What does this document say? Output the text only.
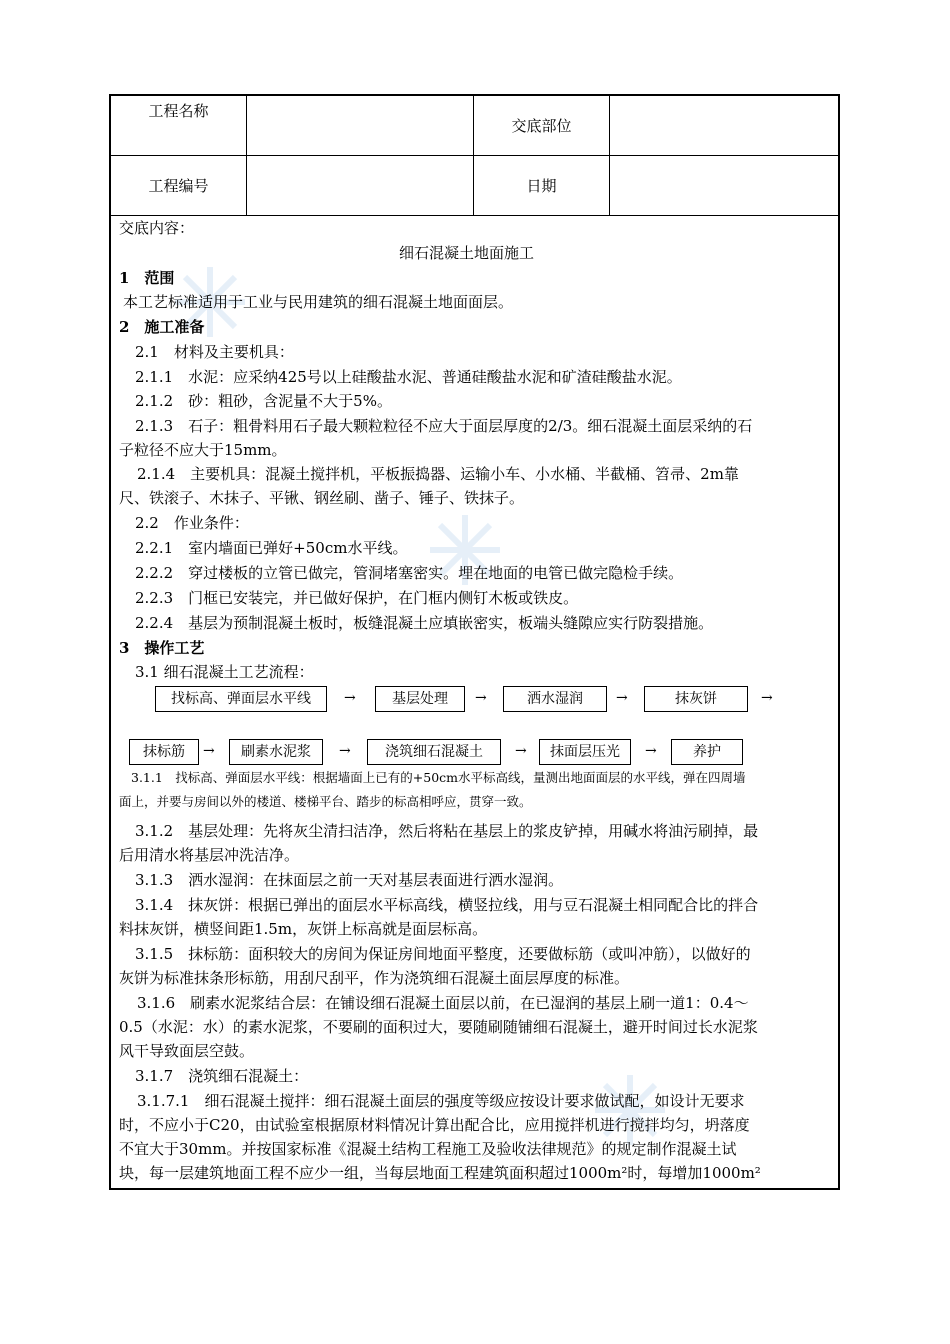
工程名称		交底部位	
工程编号		日期	
交底内容：
细石混凝土地面施工
1　范围
本工艺标准适用于工业与民用建筑的细石混凝土地面面层。
2　施工准备
2.1　材料及主要机具：
2.1.1　水泥：应采纳425号以上硅酸盐水泥、普通硅酸盐水泥和矿渣硅酸盐水泥。
2.1.2　砂：粗砂，含泥量不大于5%。
2.1.3　石子：粗骨料用石子最大颗粒粒径不应大于面层厚度的2/3。细石混凝土面层采纳的石
子粒径不应大于15mm。
2.1.4　主要机具：混凝土搅拌机，平板振捣器、运输小车、小水桶、半截桶、笤帚、2m靠
尺、铁滚子、木抹子、平锹、钢丝刷、凿子、锤子、铁抹子。
2.2　作业条件：
2.2.1　室内墙面已弹好+50cm水平线。
2.2.2　穿过楼板的立管已做完，管洞堵塞密实。埋在地面的电管已做完隐检手续。
2.2.3　门框已安装完，并已做好保护，在门框内侧钉木板或铁皮。
2.2.4　基层为预制混凝土板时，板缝混凝土应填嵌密实，板端头缝隙应实行防裂措施。
3　操作工艺
3.1 细石混凝土工艺流程：
找标高、弹面层水平线	→	基层处理	→	洒水湿润	→	抹灰饼	→
抹标筋	→	刷素水泥浆	→	浇筑细石混凝土	→	抹面层压光	→	养护
3.1.1　找标高、弹面层水平线：根据墙面上已有的+50cm水平标高线，量测出地面面层的水平线，弹在四周墙
面上，并要与房间以外的楼道、楼梯平台、踏步的标高相呼应，贯穿一致。
3.1.2　基层处理：先将灰尘清扫洁净，然后将粘在基层上的浆皮铲掉，用碱水将油污刷掉，最
后用清水将基层冲洗洁净。
3.1.3　洒水湿润：在抹面层之前一天对基层表面进行洒水湿润。
3.1.4　抹灰饼：根据已弹出的面层水平标高线，横竖拉线，用与豆石混凝土相同配合比的拌合
料抹灰饼，横竖间距1.5m，灰饼上标高就是面层标高。
3.1.5　抹标筋：面积较大的房间为保证房间地面平整度，还要做标筋（或叫冲筋），以做好的
灰饼为标准抹条形标筋，用刮尺刮平，作为浇筑细石混凝土面层厚度的标准。
3.1.6　刷素水泥浆结合层：在铺设细石混凝土面层以前，在已湿润的基层上刷一道1：0.4～
0.5（水泥：水）的素水泥浆，不要刷的面积过大，要随刷随铺细石混凝土，避开时间过长水泥浆
风干导致面层空鼓。
3.1.7　浇筑细石混凝土：
3.1.7.1　细石混凝土搅拌：细石混凝土面层的强度等级应按设计要求做试配，如设计无要求
时，不应小于C20，由试验室根据原材料情况计算出配合比，应用搅拌机进行搅拌均匀，坍落度
不宜大于30mm。并按国家标准《混凝土结构工程施工及验收法律规范》的规定制作混凝土试
块，每一层建筑地面工程不应少一组，当每层地面工程建筑面积超过1000m²时，每增加1000m²
